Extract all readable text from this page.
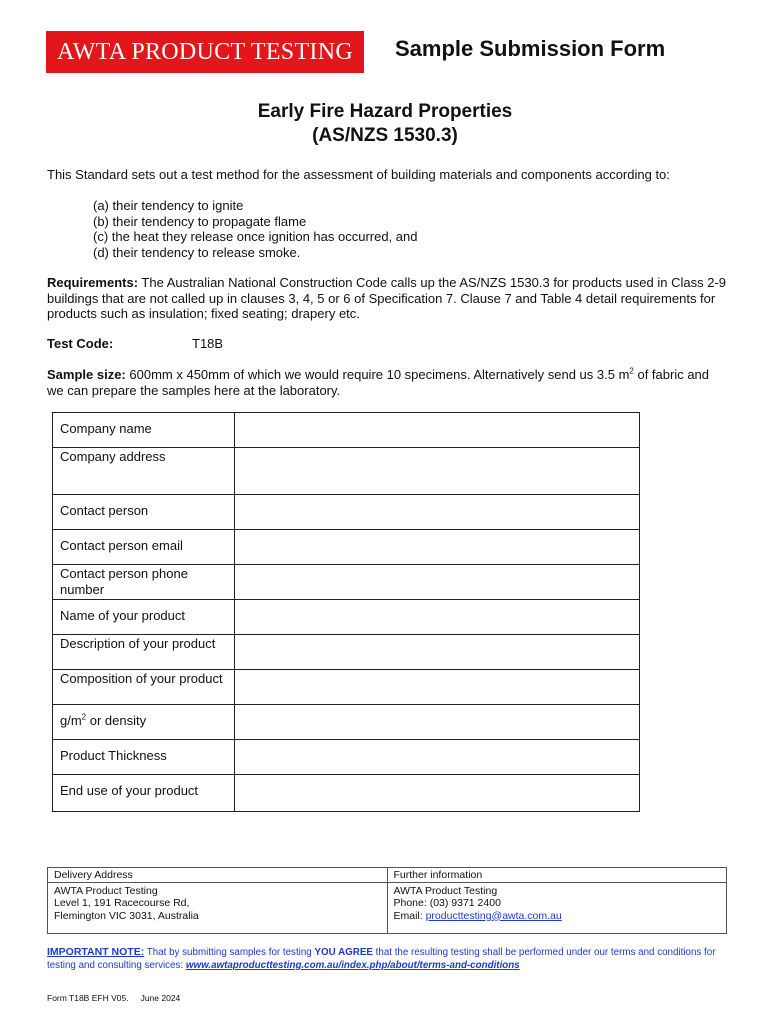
AWTA PRODUCT TESTING Sample Submission Form
Early Fire Hazard Properties
(AS/NZS 1530.3)
This Standard sets out a test method for the assessment of building materials and components according to:
(a) their tendency to ignite
(b) their tendency to propagate flame
(c) the heat they release once ignition has occurred, and
(d) their tendency to release smoke.
Requirements: The Australian National Construction Code calls up the AS/NZS 1530.3 for products used in Class 2-9 buildings that are not called up in clauses 3, 4, 5 or 6 of Specification 7. Clause 7 and Table 4 detail requirements for products such as insulation; fixed seating; drapery etc.
Test Code:	T18B
Sample size: 600mm x 450mm of which we would require 10 specimens. Alternatively send us 3.5 $m^2$ of fabric and we can prepare the samples here at the laboratory.
Company name	
Company address	
Contact person	
Contact person email	
Contact person phone number	
Name of your product	
Description of your product	
Composition of your product	
$g/m^2$ or density	
Product Thickness	
End use of your product	
Delivery Address
AWTA Product Testing
Level 1, 191 Racecourse Rd,
Flemington VIC 3031, Australia
Further information
AWTA Product Testing
Phone: (03) 9371 2400
Email: producttesting@awta.com.au
IMPORTANT NOTE: That by submitting samples for testing YOU AGREE that the resulting testing shall be performed under our terms and conditions for testing and consulting services: www.awtaproducttesting.com.au/index.php/about/terms-and-conditions
Form T18B EFH V05. June 2024
